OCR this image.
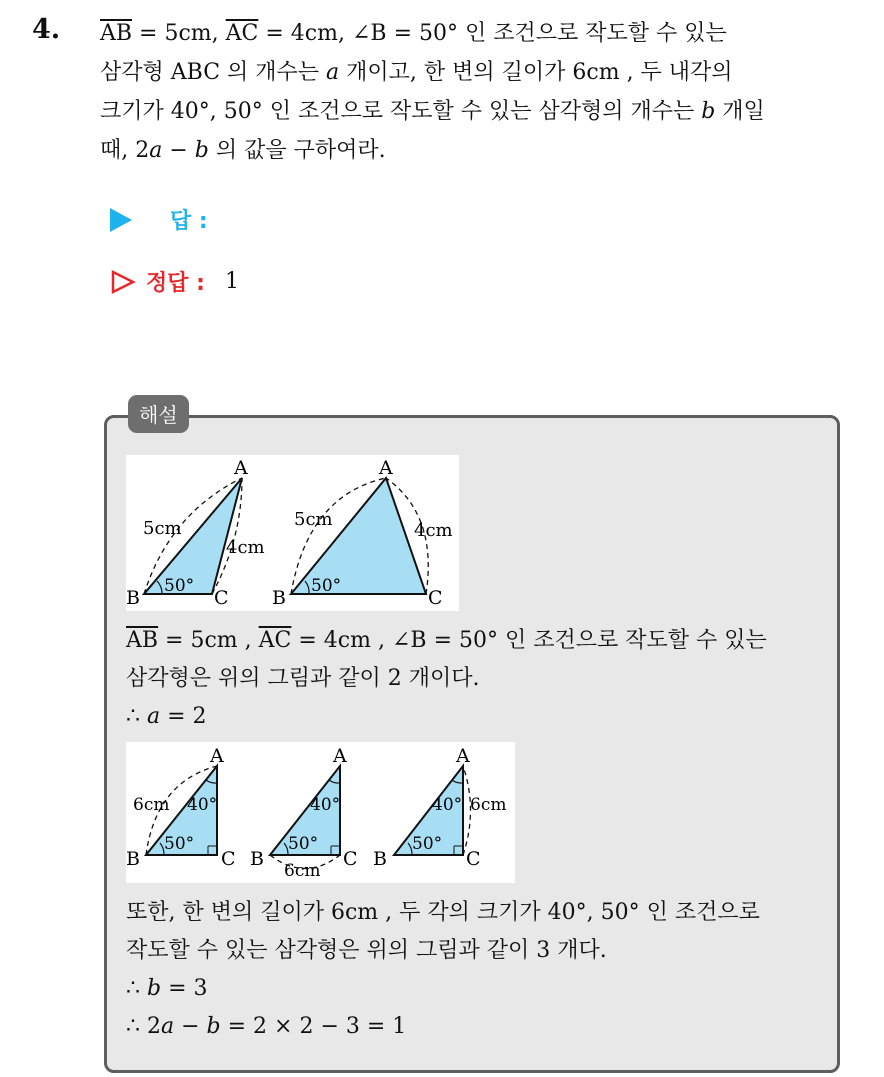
4. $\overline{AB} = 5cm$, $\overline{AC} = 4cm$, ∠B = 50° 인 조건으로 작도할 수 있는

삼각형 ABC 의 개수는 a 개이고, 한 변의 길이가 6cm , 두 내각의

크기가 40°, 50° 인 조건으로 작도할 수 있는 삼각형의 개수는 b 개일

때, 2a − b 의 값을 구하여라.

답 :
정답 : 1
해설
A
B	C
5cm
4cm
50°
A
B	C
5cm
4cm
50°

$\overline{AB} = 5cm$ , $\overline{AC} = 4cm$ , ∠B = 50° 인 조건으로 작도할 수 있는

삼각형은 위의 그림과 같이 2 개이다.

∴ a = 2

A
B	C
6cm 40°
50°
A
B	C
6cm
40°
50°
A
B	C
6cm
40°
50°

또한, 한 변의 길이가 6cm , 두 각의 크기가 40°, 50° 인 조건으로

작도할 수 있는 삼각형은 위의 그림과 같이 3 개다.

∴ b = 3

∴ 2a − b = 2 × 2 − 3 = 1
